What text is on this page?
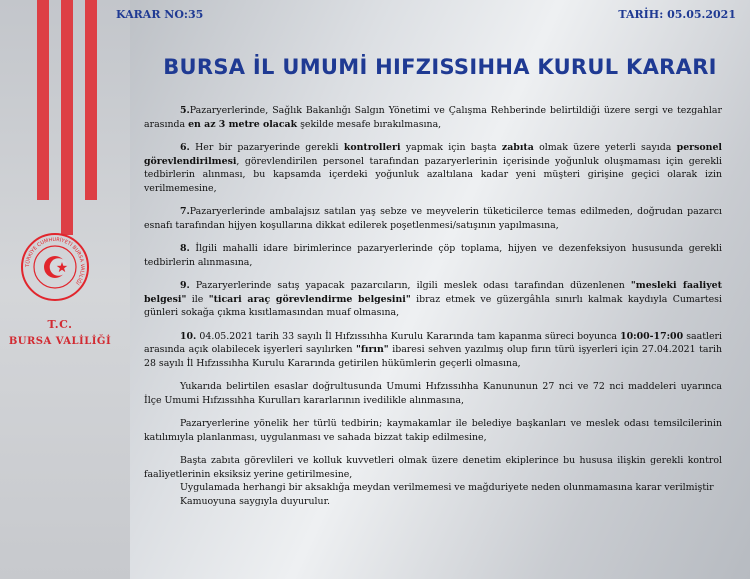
TÜRKİYE CUMHURİYETİ BURSA VALİLİĞİ
T.C.
BURSA VALİLİĞİ
KARAR NO:35	TARİH: 05.05.2021
BURSA İL UMUMİ HIFZISSIHHA KURUL KARARI

5.Pazaryerlerinde, Sağlık Bakanlığı Salgın Yönetimi ve Çalışma Rehberinde belirtildiği üzere sergi ve tezgahlar arasında en az 3 metre olacak şekilde mesafe bırakılmasına,

6. Her bir pazaryerinde gerekli kontrolleri yapmak için başta zabıta olmak üzere yeterli sayıda personel görevlendirilmesi, görevlendirilen personel tarafından pazaryerlerinin içerisinde yoğunluk oluşmaması için gerekli tedbirlerin alınması, bu kapsamda içerdeki yoğunluk azaltılana kadar yeni müşteri girişine geçici olarak izin verilmemesine,

7.Pazaryerlerinde ambalajsız satılan yaş sebze ve meyvelerin tüketicilerce temas edilmeden, doğrudan pazarcı esnafı tarafından hijyen koşullarına dikkat edilerek poşetlenmesi/satışının yapılmasına,

8. İlgili mahalli idare birimlerince pazaryerlerinde çöp toplama, hijyen ve dezenfeksiyon hususunda gerekli tedbirlerin alınmasına,

9. Pazaryerlerinde satış yapacak pazarcıların, ilgili meslek odası tarafından düzenlenen "mesleki faaliyet belgesi" ile "ticari araç görevlendirme belgesini" ibraz etmek ve güzergâhla sınırlı kalmak kaydıyla Cumartesi günleri sokağa çıkma kısıtlamasından muaf olmasına,

10. 04.05.2021 tarih 33 sayılı İl Hıfzıssıhha Kurulu Kararında tam kapanma süreci boyunca 10:00-17:00 saatleri arasında açık olabilecek işyerleri sayılırken "fırın" ibaresi sehven yazılmış olup fırın türü işyerleri için 27.04.2021 tarih 28 sayılı İl Hıfzıssıhha Kurulu Kararında getirilen hükümlerin geçerli olmasına,

Yukarıda belirtilen esaslar doğrultusunda Umumi Hıfzıssıhha Kanununun 27 nci ve 72 nci maddeleri uyarınca İlçe Umumi Hıfzıssıhha Kurulları kararlarının ivedilikle alınmasına,

Pazaryerlerine yönelik her türlü tedbirin; kaymakamlar ile belediye başkanları ve meslek odası temsilcilerinin katılımıyla planlanması, uygulanması ve sahada bizzat takip edilmesine,

Başta zabıta görevlileri ve kolluk kuvvetleri olmak üzere denetim ekiplerince bu hususa ilişkin gerekli kontrol faaliyetlerinin eksiksiz yerine getirilmesine,

Uygulamada herhangi bir aksaklığa meydan verilmemesi ve mağduriyete neden olunmamasına karar verilmiştir

Kamuoyuna saygıyla duyurulur.
